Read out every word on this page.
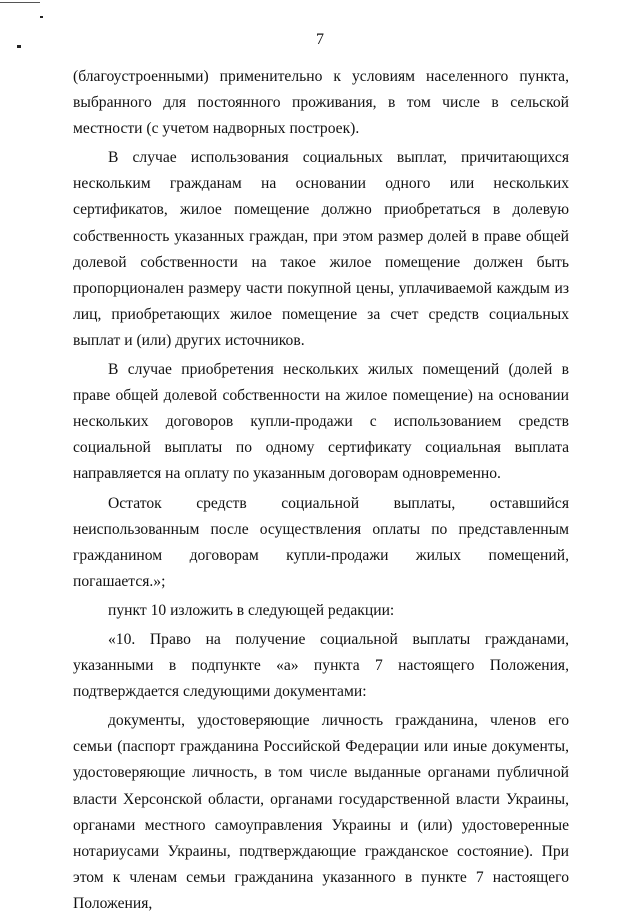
7

(благоустроенными) применительно к условиям населенного пункта, выбранного для постоянного проживания, в том числе в сельской местности (с учетом надворных построек).

В случае использования социальных выплат, причитающихся нескольким гражданам на основании одного или нескольких сертификатов, жилое помещение должно приобретаться в долевую собственность указанных граждан, при этом размер долей в праве общей долевой собственности на такое жилое помещение должен быть пропорционален размеру части покупной цены, уплачиваемой каждым из лиц, приобретающих жилое помещение за счет средств социальных выплат и (или) других источников.

В случае приобретения нескольких жилых помещений (долей в праве общей долевой собственности на жилое помещение) на основании нескольких договоров купли-продажи с использованием средств социальной выплаты по одному сертификату социальная выплата направляется на оплату по указанным договорам одновременно.

Остаток средств социальной выплаты, оставшийся неиспользованным после осуществления оплаты по представленным гражданином договорам купли-продажи жилых помещений, погашается.»;

пункт 10 изложить в следующей редакции:

«10. Право на получение социальной выплаты гражданами, указанными в подпункте «а» пункта 7 настоящего Положения, подтверждается следующими документами:

документы, удостоверяющие личность гражданина, членов его семьи (паспорт гражданина Российской Федерации или иные документы, удостоверяющие личность, в том числе выданные органами публичной власти Херсонской области, органами государственной власти Украины, органами местного самоуправления Украины и (или) удостоверенные нотариусами Украины, подтверждающие гражданское состояние). При этом к членам семьи гражданина указанного в пункте 7 настоящего Положения,
